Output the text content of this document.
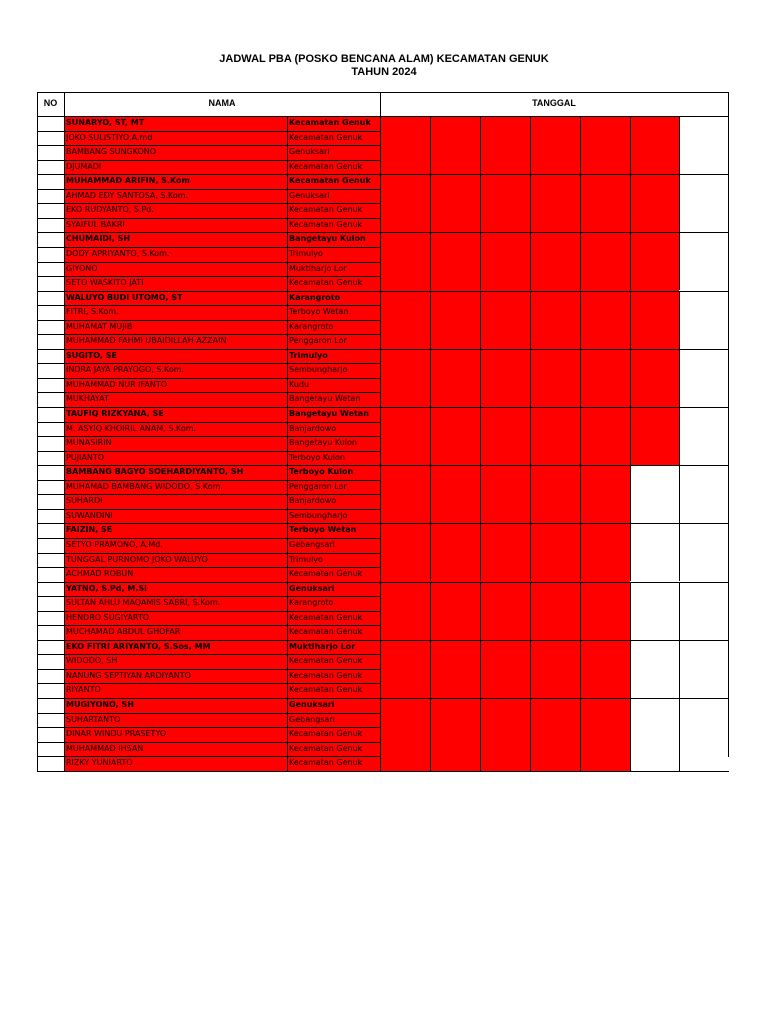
JADWAL PBA (POSKO BENCANA ALAM) KECAMATAN GENUK
TAHUN 2024
NO	NAMA	TANGGAL
SUNARYO, ST, MT	Kecamatan Genuk
JOKO SULISTIYO,A.md	Kecamatan Genuk
BAMBANG SUNGKONO	Genuksari
DJUMADI	Kecamatan Genuk
MUHAMMAD ARIFIN, S.Kom	Kecamatan Genuk
AHMAD EDY SANTOSA, S.Kom.	Genuksari
EKO RUDYANTO, S.Pd.	Kecamatan Genuk
SYAIFUL BAKRI	Kecamatan Genuk
CHUMAIDI, SH	Bangetayu Kulon
DODY APRIYANTO, S.Kom.	Trimulyo
GIYONO	Muktiharjo Lor
SETO WASKITO JATI	Kecamatan Genuk
WALUYO BUDI UTOMO, ST	Karangroto
FITRI, S.Kom.	Terboyo Wetan
MUHAMAT MUJIB	Karangroto
MUHAMMAD FAHMI UBAIDILLAH AZZAIN	Penggaron Lor
SUGITO, SE	Trimulyo
INDRA JAYA PRAYOGO, S.Kom.	Sembungharjo
MUHAMMAD NUR IFANTO	Kudu
MUKHAYAT	Bangetayu Wetan
TAUFIQ RIZKYANA, SE	Bangetayu Wetan
M. ASYIQ KHOIRIL ANAM, S.Kom.	Banjardowo
MUNASIRIN	Bangetayu Kulon
PUJIANTO	Terboyo Kulon
BAMBANG BAGYO SOEHARDIYANTO, SH	Terboyo Kulon
MUHAMAD BAMBANG WIDODO, S.Kom.	Penggaron Lor
SUHARDI	Banjardowo
SUWANDINI	Sembungharjo
FAIZIN, SE	Terboyo Wetan
SETYO PRAMONO, A.Md.	Gebangsari
TUNGGAL PURNOMO JOKO WALUYO	Trimulyo
ACHMAD ROBUN	Kecamatan Genuk
YATNO, S.Pd, M.Si	Genuksari
SULTAN AHLU MAQAMIS SABRI, S.Kom.	Karangroto
HENDRO SUGIYARTO	Kecamatan Genuk
MUCHAMAD ABDUL GHOFAR	Kecamatan Genuk
EKO FITRI ARIYANTO, S.Sos, MM	Muktiharjo Lor
WIDODO, SH	Kecamatan Genuk
NANUNG SEPTIYAN ARDIYANTO	Kecamatan Genuk
RIYANTO	Kecamatan Genuk
MUGIYONO, SH	Genuksari
SUHARTANTO	Gebangsari
DINAR WINDU PRASETYO	Kecamatan Genuk
MUHAMMAD IHSAN	Kecamatan Genuk
RIZKY YUNIARTO	Kecamatan Genuk
